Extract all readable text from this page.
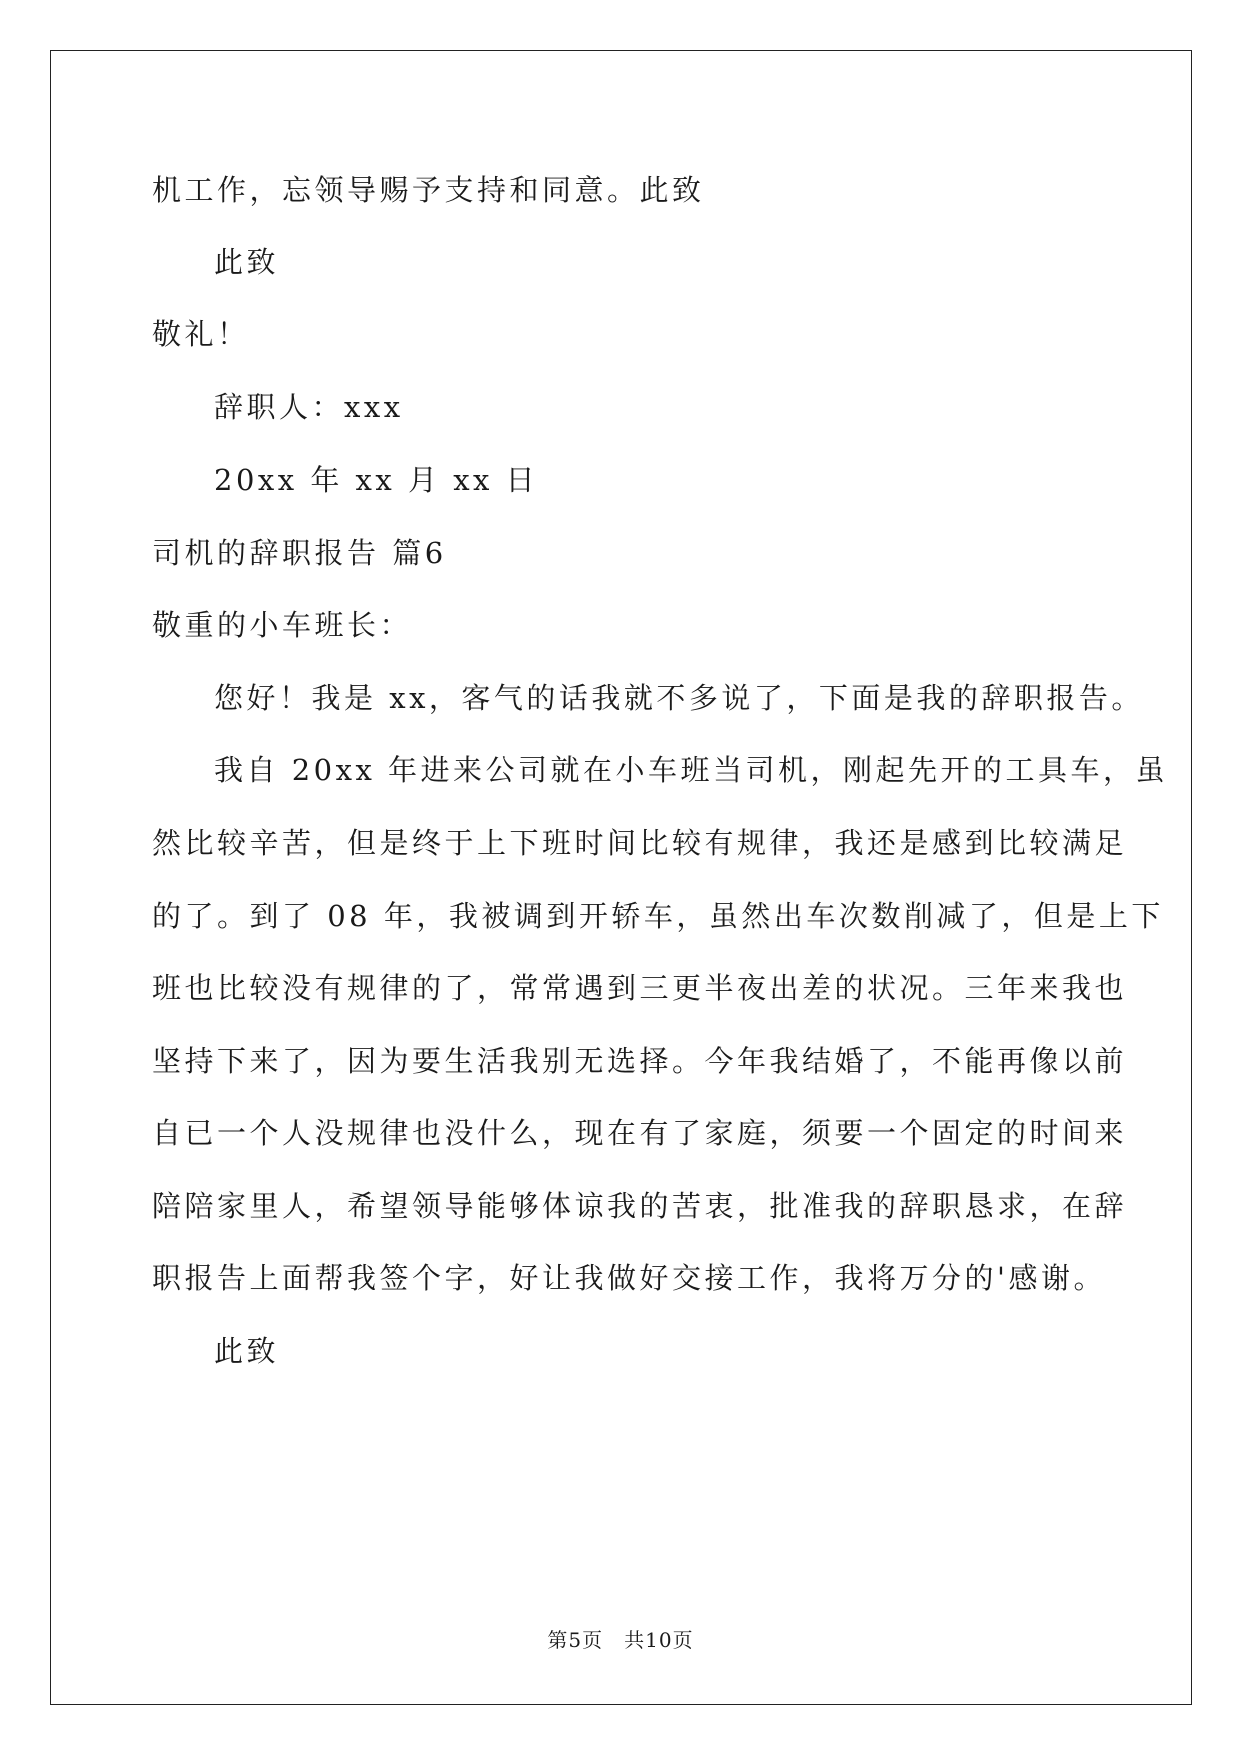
机工作，忘领导赐予支持和同意。此致
此致
敬礼！
辞职人：xxx
20xx 年 xx 月 xx 日
司机的辞职报告 篇6
敬重的小车班长：
您好！我是 xx，客气的话我就不多说了，下面是我的辞职报告。
我自 20xx 年进来公司就在小车班当司机，刚起先开的工具车，虽
然比较辛苦，但是终于上下班时间比较有规律，我还是感到比较满足
的了。到了 08 年，我被调到开轿车，虽然出车次数削减了，但是上下
班也比较没有规律的了，常常遇到三更半夜出差的状况。三年来我也
坚持下来了，因为要生活我别无选择。今年我结婚了，不能再像以前
自已一个人没规律也没什么，现在有了家庭，须要一个固定的时间来
陪陪家里人，希望领导能够体谅我的苦衷，批准我的辞职恳求，在辞
职报告上面帮我签个字，好让我做好交接工作，我将万分的'感谢。
此致
第5页　共10页
